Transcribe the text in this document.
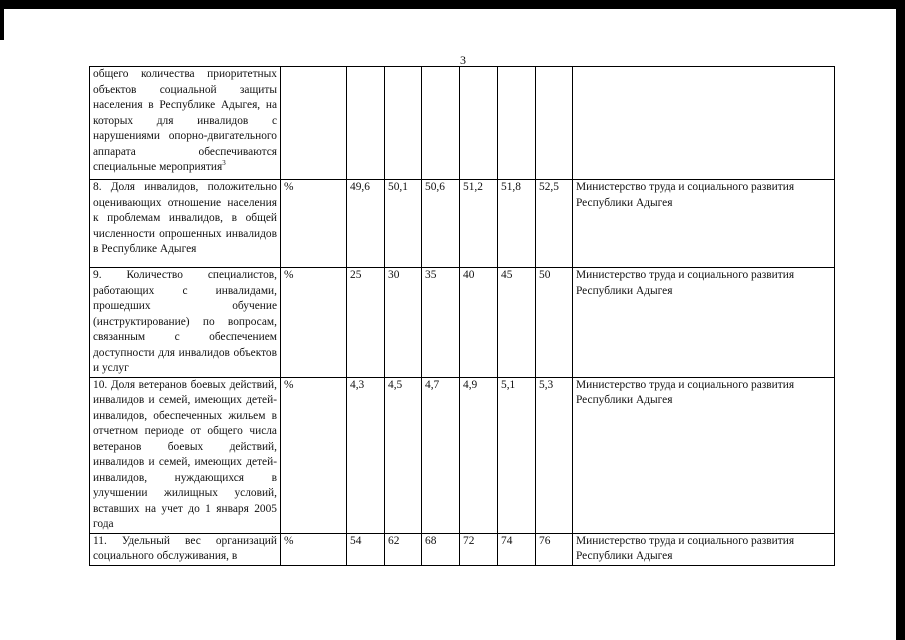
3
общего количества приоритетных объектов социальной защиты населения в Республике Адыгея, на которых для инвалидов с нарушениями опорно-двигательного аппарата обеспечиваются специальные мероприятия$^3$								
8. Доля инвалидов, положительно оценивающих отношение населения к проблемам инвалидов, в общей численности опрошенных инвалидов в Республике Адыгея	%	49,6	50,1	50,6	51,2	51,8	52,5	Министерство труда и социального развития Республики Адыгея
9. Количество специалистов, работающих с инвалидами, прошедших обучение (инструктирование) по вопросам, связанным с обеспечением доступности для инвалидов объектов и услуг	%	25	30	35	40	45	50	Министерство труда и социального развития Республики Адыгея
10. Доля ветеранов боевых действий, инвалидов и семей, имеющих детей-инвалидов, обеспеченных жильем в отчетном периоде от общего числа ветеранов боевых действий, инвалидов и семей, имеющих детей-инвалидов, нуждающихся в улучшении жилищных условий, вставших на учет до 1 января 2005 года	%	4,3	4,5	4,7	4,9	5,1	5,3	Министерство труда и социального развития Республики Адыгея
11. Удельный вес организаций социального обслуживания, в	%	54	62	68	72	74	76	Министерство труда и социального развития Республики Адыгея
